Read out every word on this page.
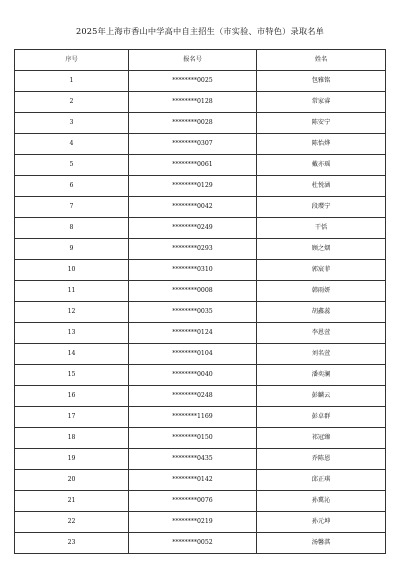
2025年上海市香山中学高中自主招生（市实验、市特色）录取名单
序号	报名号	姓名
1	********0025	包雅铭
2	********0128	常家睿
3	********0028	陈安宁
4	********0307	陈怡烨
5	********0061	戴亦瑶
6	********0129	杜悦涵
7	********0042	段璎宁
8	********0249	干恬
9	********0293	顾之烟
10	********0310	郭宸菲
11	********0008	韩雨妍
12	********0035	胡鑫蕊
13	********0124	李恩萱
14	********0104	刘名萱
15	********0040	潘奕澜
16	********0248	彭麟云
17	********1169	彭卓群
18	********0150	祁冠臻
19	********0435	乔陈恩
20	********0142	邱正琪
21	********0076	孙冀沁
22	********0219	孙元坤
23	********0052	汤馨淇
